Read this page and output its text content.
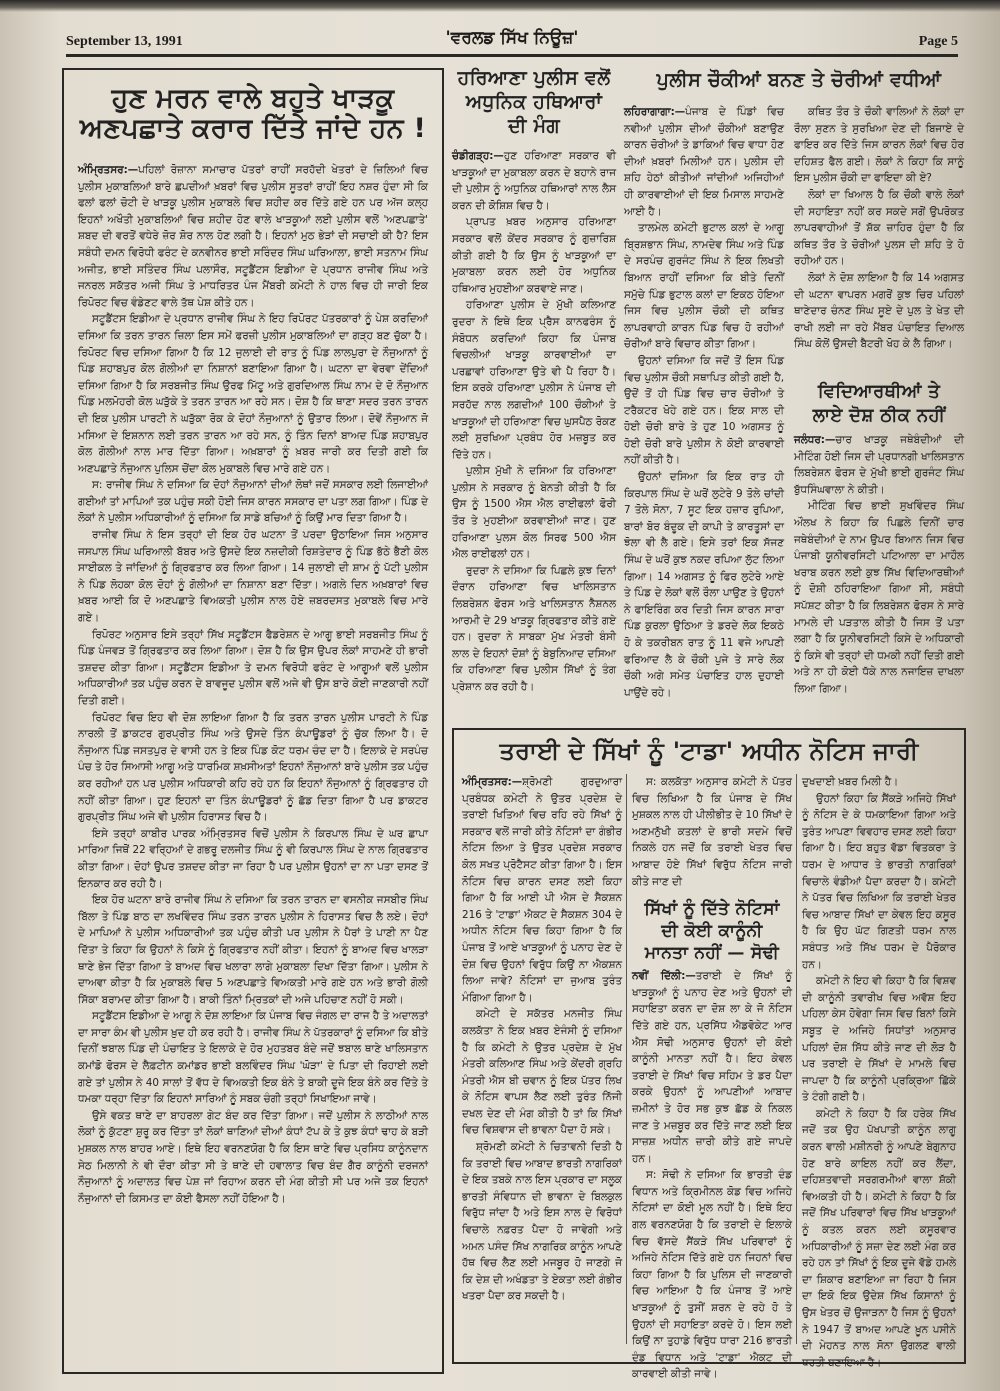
September 13, 1991	'ਵਰਲਡ ਸਿੱਖ ਨਿਊਜ਼'	Page 5
ਹੁਣ ਮਰਨ ਵਾਲੇ ਬਹੁਤੇ ਖਾੜਕੂ
ਅਣਪਛਾਤੇ ਕਰਾਰ ਦਿੱਤੇ ਜਾਂਦੇ ਹਨ !

ਅੰਮ੍ਰਿਤਸਰ:—ਪਹਿਲਾਂ ਰੋਜ਼ਾਨਾ ਸਮਾਚਾਰ ਪੱਤਰਾਂ ਰਾਹੀਂ ਸਰਹੱਦੀ ਖੇਤਰਾਂ ਦੇ ਜ਼ਿਲਿਆਂ ਵਿਚ ਪੁਲੀਸ ਮੁਕਾਬਲਿਆਂ ਬਾਰੇ ਛਪਦੀਆਂ ਖ਼ਬਰਾਂ ਵਿਚ ਪੁਲੀਸ ਸੂਤਰਾਂ ਰਾਹੀਂ ਇਹ ਨਸ਼ਰ ਹੁੰਦਾ ਸੀ ਕਿ ਫਲਾਂ ਫਲਾਂ ਚੋਟੀ ਦੇ ਖਾੜਕੂ ਪੁਲੀਸ ਮੁਕਾਬਲੇ ਵਿਚ ਸ਼ਹੀਦ ਕਰ ਦਿੱਤੇ ਗਏ ਹਨ ਪਰ ਅੱਜ ਕਲ੍ਹ ਇਹਨਾਂ ਅਖੌਤੀ ਮੁਕਾਬਲਿਆਂ ਵਿਚ ਸ਼ਹੀਦ ਹੋਣ ਵਾਲੇ ਖਾੜਕੂਆਂ ਲਈ ਪੁਲੀਸ ਵਲੋਂ 'ਅਣਪਛਾਤੇ' ਸ਼ਬਦ ਦੀ ਵਰਤੋਂ ਵਧੇਰੇ ਜ਼ੋਰ ਸ਼ੋਰ ਨਾਲ ਹੋਣ ਲਗੀ ਹੈ। ਇਹਨਾਂ ਮੁਠ ਭੇੜਾਂ ਦੀ ਸਚਾਈ ਕੀ ਹੈ? ਇਸ ਸਬੰਧੀ ਦਮਨ ਵਿਰੋਧੀ ਫਰੰਟ ਦੇ ਕਨਵੀਨਰ ਭਾਈ ਸਰਿੰਦਰ ਸਿੰਘ ਘਰਿਆਲਾ, ਭਾਈ ਸਤਨਾਮ ਸਿੰਘ ਅਜੀਤ, ਭਾਈ ਸਤਿੰਦਰ ਸਿੰਘ ਪਲਾਸੌਰ, ਸਟੂਡੈਂਟਸ ਇਡੀਆ ਦੇ ਪ੍ਰਧਾਨ ਰਾਜੀਵ ਸਿੰਘ ਅਤੇ ਜਨਰਲ ਸਕੱਤਰ ਅਜੀ ਸਿੰਘ ਤੇ ਮਾਧਰਿਤਰ ਪੰਜ ਮੈਂਬਰੀ ਕਮੇਟੀ ਨੇ ਹਾਲ ਵਿਚ ਹੀ ਜਾਰੀ ਇਕ ਰਿਪੋਰਟ ਵਿਚ ਵੰਡੇਣਟ ਵਾਲੇ ਤੱਥ ਪੇਸ਼ ਕੀਤੇ ਹਨ।

ਸਟੂਡੈਂਟਸ ਇਡੀਆ ਦੇ ਪ੍ਰਧਾਨ ਰਾਜੀਵ ਸਿੰਘ ਨੇ ਇਹ ਰਿਪੋਰਟ ਪੱਤਰਕਾਰਾਂ ਨੂੰ ਪੇਸ਼ ਕਰਦਿਆਂ ਦਸਿਆ ਕਿ ਤਰਨ ਤਾਰਨ ਜ਼ਿਲਾ ਇਸ ਸਮੇਂ ਫਰਜ਼ੀ ਪੁਲੀਸ ਮੁਕਾਬਲਿਆਂ ਦਾ ਗੜ੍ਹ ਬਣ ਚੁੱਕਾ ਹੈ। ਰਿਪੋਰਟ ਵਿਚ ਦਸਿਆ ਗਿਆ ਹੈ ਕਿ 12 ਜੁਲਾਈ ਦੀ ਰਾਤ ਨੂੰ ਪਿੰਡ ਲਾਲਪੁਰਾ ਦੇ ਨੌਜੁਆਨਾਂ ਨੂੰ ਪਿੰਡ ਸ਼ਹਾਬਪੁਰ ਕੋਲ ਗੋਲੀਆਂ ਦਾ ਨਿਸ਼ਾਨਾਂ ਬਣਾਇਆ ਗਿਆ ਹੈ। ਘਟਨਾ ਦਾ ਵੇਰਵਾ ਦੇਂਦਿਆਂ ਦਸਿਆ ਗਿਆ ਹੈ ਕਿ ਸਰਬਜੀਤ ਸਿੰਘ ਉਰਫ ਮਿੱਟੂ ਅਤੇ ਗੁਰਦਿਆਲ ਸਿੰਘ ਨਾਮ ਦੇ ਦੋ ਨੌਜੁਆਨ ਪਿੰਡ ਮਲਮੋਹਰੀ ਕੋਲ ਘੜੁੱਕੇ ਤੇ ਤਰਨ ਤਾਰਨ ਆ ਰਹੇ ਸਨ। ਦੋਸ਼ ਹੈ ਕਿ ਥਾਣਾ ਸਦਰ ਤਰਨ ਤਾਰਨ ਦੀ ਇਕ ਪੁਲੀਸ ਪਾਰਟੀ ਨੇ ਘੜੁੱਕਾ ਰੋਕ ਕੇ ਦੋਹਾਂ ਨੌਜੁਆਨਾਂ ਨੂੰ ਉਤਾਰ ਲਿਆ। ਦੋਵੇਂ ਨੌਜੁਆਨ ਜੋ ਮਸਿਆ ਦੇ ਇਸ਼ਨਾਨ ਲਈ ਤਰਨ ਤਾਰਨ ਆ ਰਹੇ ਸਨ, ਨੂੰ ਤਿੰਨ ਦਿਨਾਂ ਬਾਅਦ ਪਿੰਡ ਸ਼ਹਾਬਪੁਰ ਕੋਲ ਗੋਲੀਆਂ ਨਾਲ ਮਾਰ ਦਿੱਤਾ ਗਿਆ। ਅਖ਼ਬਾਰਾਂ ਨੂੰ ਖ਼ਬਰ ਜਾਰੀ ਕਰ ਦਿਤੀ ਗਈ ਕਿ ਅਣਪਛਾਤੇ ਨੌਜੁਆਨ ਪੁਲਿਸ ਚੋਂਦਾ ਕੋਲ ਮੁਕਾਬਲੇ ਵਿਚ ਮਾਰੇ ਗਏ ਹਨ।

ਸ: ਰਾਜੀਵ ਸਿੰਘ ਨੇ ਦਸਿਆ ਕਿ ਦੋਹਾਂ ਨੌਜੁਆਨਾਂ ਦੀਆਂ ਲੋਥਾਂ ਜਦੋਂ ਸਸਕਾਰ ਲਈ ਲਿਜਾਈਆਂ ਗਈਆਂ ਤਾਂ ਮਾਪਿਆਂ ਤਕ ਪਹੁੰਚ ਸਕੀ ਹੋਈ ਜਿਸ ਕਾਰਨ ਸਸਕਾਰ ਦਾ ਪਤਾ ਲਗ ਗਿਆ। ਪਿੰਡ ਦੇ ਲੋਕਾਂ ਨੇ ਪੁਲੀਸ ਅਧਿਕਾਰੀਆਂ ਨੂੰ ਦਸਿਆ ਕਿ ਸਾਡੇ ਬਚਿਆਂ ਨੂੰ ਕਿਉਂ ਮਾਰ ਦਿਤਾ ਗਿਆ ਹੈ।

ਰਾਜੀਵ ਸਿੰਘ ਨੇ ਇਸ ਤਰ੍ਹਾਂ ਦੀ ਇਕ ਹੋਰ ਘਟਨਾ ਤੋਂ ਪਰਦਾ ਉਠਾਇਆ ਜਿਸ ਅਨੁਸਾਰ ਜਸਪਾਲ ਸਿੰਘ ਘਰਿਆਲੀ ਬੱਬਰ ਅਤੇ ਉਸਦੇ ਇਕ ਨਜ਼ਦੀਕੀ ਰਿਸ਼ਤੇਦਾਰ ਨੂੰ ਪਿੰਡ ਭੱਠੇ ਭੈਣੀ ਕੋਲ ਸਾਈਕਲ ਤੇ ਜਾਂਦਿਆਂ ਨੂੰ ਗ੍ਰਿਫਤਾਰ ਕਰ ਲਿਆ ਗਿਆ। 14 ਜੁਲਾਈ ਦੀ ਸ਼ਾਮ ਨੂੰ ਪੱਟੀ ਪੁਲੀਸ ਨੇ ਪਿੰਡ ਲੋਹਕਾ ਕੋਲ ਦੋਹਾਂ ਨੂੰ ਗੋਲੀਆਂ ਦਾ ਨਿਸ਼ਾਨਾ ਬਣਾ ਦਿੱਤਾ। ਅਗਲੇ ਦਿਨ ਅਖ਼ਬਾਰਾਂ ਵਿਚ ਖ਼ਬਰ ਆਈ ਕਿ ਦੋ ਅਣਪਛਾਤੇ ਵਿਅਕਤੀ ਪੁਲੀਸ ਨਾਲ ਹੋਏ ਜ਼ਬਰਦਸਤ ਮੁਕਾਬਲੇ ਵਿਚ ਮਾਰੇ ਗਏ।

ਰਿਪੋਰਟ ਅਨੁਸਾਰ ਇਸੇ ਤਰ੍ਹਾਂ ਸਿੱਖ ਸਟੂਡੈਂਟਸ ਫੈਡਰੇਸ਼ਨ ਦੇ ਆਗੂ ਭਾਈ ਸਰਬਜੀਤ ਸਿੰਘ ਨੂੰ ਪਿੰਡ ਪੰਜਵੜ ਤੋਂ ਗ੍ਰਿਫਤਾਰ ਕਰ ਲਿਆ ਗਿਆ। ਦੋਸ਼ ਹੈ ਕਿ ਉਸ ਉਪਰ ਲੋਕਾਂ ਸਾਹਮਣੇ ਹੀ ਭਾਰੀ ਤਸ਼ਦਦ ਕੀਤਾ ਗਿਆ। ਸਟੂਡੈਂਟਸ ਇਡੀਆ ਤੇ ਦਮਨ ਵਿਰੋਧੀ ਫਰੰਟ ਦੇ ਆਗੂਆਂ ਵਲੋਂ ਪੁਲੀਸ ਅਧਿਕਾਰੀਆਂ ਤਕ ਪਹੁੰਚ ਕਰਨ ਦੇ ਬਾਵਜੂਦ ਪੁਲੀਸ ਵਲੋਂ ਅਜੇ ਵੀ ਉਸ ਬਾਰੇ ਕੋਈ ਜਾਣਕਾਰੀ ਨਹੀਂ ਦਿਤੀ ਗਈ।

ਰਿਪੋਰਟ ਵਿਚ ਇਹ ਵੀ ਦੋਸ਼ ਲਾਇਆ ਗਿਆ ਹੈ ਕਿ ਤਰਨ ਤਾਰਨ ਪੁਲੀਸ ਪਾਰਟੀ ਨੇ ਪਿੰਡ ਨਾਰਲੀ ਤੋਂ ਡਾਕਟਰ ਗੁਰਪ੍ਰੀਤ ਸਿੰਘ ਅਤੇ ਉਸਦੇ ਤਿੰਨ ਕੰਪਾਊਡਰਾਂ ਨੂੰ ਚੁੱਕ ਲਿਆ ਹੈ। ਦੋ ਨੌਜੁਆਨ ਪਿੰਡ ਜਸਤਪੁਰ ਦੇ ਵਾਸੀ ਹਨ ਤੇ ਇਕ ਪਿੰਡ ਕੋਟ ਧਰਮ ਚੰਦ ਦਾ ਹੈ। ਇਲਾਕੇ ਦੇ ਸਰਪੰਚ ਪੰਚ ਤੇ ਹੋਰ ਸਿਆਸੀ ਆਗੂ ਅਤੇ ਧਾਰਮਿਕ ਸ਼ਖ਼ਸੀਅਤਾਂ ਇਹਨਾਂ ਨੌਜੁਆਨਾਂ ਬਾਰੇ ਪੁਲੀਸ ਤਕ ਪਹੁੰਚ ਕਰ ਰਹੀਆਂ ਹਨ ਪਰ ਪੁਲੀਸ ਅਧਿਕਾਰੀ ਕਹਿ ਰਹੇ ਹਨ ਕਿ ਇਹਨਾਂ ਨੌਜੁਆਨਾਂ ਨੂੰ ਗ੍ਰਿਫਤਾਰ ਹੀ ਨਹੀਂ ਕੀਤਾ ਗਿਆ। ਹੁਣ ਇਹਨਾਂ ਦਾ ਤਿੰਨ ਕੰਪਾਊਡਰਾਂ ਨੂੰ ਛੱਡ ਦਿਤਾ ਗਿਆ ਹੈ ਪਰ ਡਾਕਟਰ ਗੁਰਪ੍ਰੀਤ ਸਿੰਘ ਅਜੇ ਵੀ ਪੁਲੀਸ ਹਿਰਾਸਤ ਵਿਚ ਹੈ।

ਇਸੇ ਤਰ੍ਹਾਂ ਕਾਬੀਰ ਪਾਰਕ ਅੰਮ੍ਰਿਤਸਰ ਵਿਚੋਂ ਪੁਲੀਸ ਨੇ ਕਿਰਪਾਲ ਸਿੰਘ ਦੇ ਘਰ ਛਾਪਾ ਮਾਰਿਆ ਜਿਥੋਂ 22 ਵਰ੍ਹਿਆਂ ਦੇ ਗਭਰੂ ਦਲਜੀਤ ਸਿੰਘ ਨੂੰ ਵੀ ਕਿਰਪਾਲ ਸਿੰਘ ਦੇ ਨਾਲ ਗ੍ਰਿਫਤਾਰ ਕੀਤਾ ਗਿਆ। ਦੋਹਾਂ ਉਪਰ ਤਸ਼ਦਦ ਕੀਤਾ ਜਾ ਰਿਹਾ ਹੈ ਪਰ ਪੁਲੀਸ ਉਹਨਾਂ ਦਾ ਨਾ ਪਤਾ ਦਸਣ ਤੋਂ ਇਨਕਾਰ ਕਰ ਰਹੀ ਹੈ।

ਇਕ ਹੋਰ ਘਟਨਾ ਬਾਰੇ ਰਾਜੀਵ ਸਿੰਘ ਨੇ ਦਸਿਆ ਕਿ ਤਰਨ ਤਾਰਨ ਦਾ ਵਸਨੀਕ ਜਸਬੀਰ ਸਿੰਘ ਬਿੱਲਾ ਤੇ ਪਿੰਡ ਬਾਠ ਦਾ ਲਖਵਿੰਦਰ ਸਿੰਘ ਤਰਨ ਤਾਰਨ ਪੁਲੀਸ ਨੇ ਹਿਰਾਸਤ ਵਿਚ ਲੈ ਲਏ। ਦੋਹਾਂ ਦੇ ਮਾਪਿਆਂ ਨੇ ਪੁਲੀਸ ਅਧਿਕਾਰੀਆਂ ਤਕ ਪਹੁੰਚ ਕੀਤੀ ਪਰ ਪੁਲੀਸ ਨੇ ਪੈਰਾਂ ਤੇ ਪਾਣੀ ਨਾ ਪੈਣ ਦਿੱਤਾ ਤੇ ਕਿਹਾ ਕਿ ਉਹਨਾਂ ਨੇ ਕਿਸੇ ਨੂੰ ਗ੍ਰਿਫਤਾਰ ਨਹੀਂ ਕੀਤਾ। ਇਹਨਾਂ ਨੂੰ ਬਾਅਦ ਵਿਚ ਖਾਲੜਾ ਥਾਣੇ ਭੇਜ ਦਿੱਤਾ ਗਿਆ ਤੇ ਬਾਅਦ ਵਿਚ ਖਲਾਰਾ ਲਾਗੇ ਮੁਕਾਬਲਾ ਦਿਖਾ ਦਿੱਤਾ ਗਿਆ। ਪੁਲੀਸ ਨੇ ਦਾਅਵਾ ਕੀਤਾ ਹੈ ਕਿ ਮੁਕਾਬਲੇ ਵਿਚ 5 ਅਣਪਛਾਤੇ ਵਿਅਕਤੀ ਮਾਰੇ ਗਏ ਹਨ ਅਤੇ ਭਾਰੀ ਗੋਲੀ ਸਿੱਕਾ ਬਰਾਮਦ ਕੀਤਾ ਗਿਆ ਹੈ। ਬਾਕੀ ਤਿੰਨਾਂ ਮ੍ਰਿਤਕਾਂ ਦੀ ਅਜੇ ਪਹਿਚਾਣ ਨਹੀਂ ਹੋ ਸਕੀ।

ਸਟੂਡੈਂਟਸ ਇਡੀਆ ਦੇ ਆਗੂ ਨੇ ਦੋਸ਼ ਲਾਇਆ ਕਿ ਪੰਜਾਬ ਵਿਚ ਜੰਗਲ ਦਾ ਰਾਜ ਹੈ ਤੇ ਅਦਾਲਤਾਂ ਦਾ ਸਾਰਾ ਕੰਮ ਵੀ ਪੁਲੀਸ ਖ਼ੁਦ ਹੀ ਕਰ ਰਹੀ ਹੈ। ਰਾਜੀਵ ਸਿੰਘ ਨੇ ਪੱਤਰਕਾਰਾਂ ਨੂੰ ਦਸਿਆ ਕਿ ਬੀਤੇ ਦਿਨੀਂ ਝਬਾਲ ਪਿੰਡ ਦੀ ਪੰਚਾਇਤ ਤੇ ਇਲਾਕੇ ਦੇ ਹੋਰ ਮੁਹਤਬਰ ਬੰਦੇ ਜਦੋਂ ਝਬਾਲ ਥਾਣੇ ਖਾਲਿਸਤਾਨ ਕਮਾਂਡੋ ਫੋਰਸ ਦੇ ਲੈਫ਼ਟੀਨ ਕਮਾਂਡਰ ਭਾਈ ਬਲਵਿੰਦਰ ਸਿੰਘ 'ਘੋੜਾ' ਦੇ ਪਿਤਾ ਦੀ ਰਿਹਾਈ ਲਈ ਗਏ ਤਾਂ ਪੁਲੀਸ ਨੇ 40 ਸਾਲਾਂ ਤੋਂ ਵੱਧ ਦੇ ਵਿਅਕਤੀ ਇਕ ਬੰਨੇ ਤੇ ਬਾਕੀ ਦੂਜੇ ਇਕ ਬੰਨੇ ਕਰ ਦਿੱਤੇ ਤੇ ਧਮਕਾ ਧਰ੍ਹਾ ਦਿੱਤਾ ਕਿ ਇਹਨਾਂ ਸਾਰਿਆਂ ਨੂੰ ਸਬਕ ਚੰਗੀ ਤਰ੍ਹਾਂ ਸਿਖਾਇਆ ਜਾਵੇ।

ਉਸੇ ਵਕਤ ਥਾਣੇ ਦਾ ਬਾਹਰਲਾ ਗੇਟ ਬੰਦ ਕਰ ਦਿੱਤਾ ਗਿਆ। ਜਦੋਂ ਪੁਲੀਸ ਨੇ ਲਾਠੀਆਂ ਨਾਲ ਲੋਕਾਂ ਨੂੰ ਕੁੱਟਣਾ ਸ਼ੁਰੂ ਕਰ ਦਿੱਤਾ ਤਾਂ ਲੋਕਾਂ ਥਾਣਿਆਂ ਦੀਆਂ ਕੰਧਾਂ ਟੱਪ ਕੇ ਤੇ ਕੁਝ ਕੰਧਾਂ ਢਾਹ ਕੇ ਬੜੀ ਮੁਸ਼ਕਲ ਨਾਲ ਬਾਹਰ ਆਏ। ਇਥੇ ਇਹ ਵਰਨਣਯੋਗ ਹੈ ਕਿ ਇਸ ਥਾਣੇ ਵਿਚ ਪ੍ਰਸਿਧ ਕਾਨੂੰਨਦਾਨ ਸੇਠ ਮਿਲਾਨੀ ਨੇ ਵੀ ਦੌਰਾ ਕੀਤਾ ਸੀ ਤੇ ਥਾਣੇ ਦੀ ਹਵਾਲਾਤ ਵਿਚ ਬੰਦ ਗੈਰ ਕਾਨੂੰਨੀ ਦਰਜਨਾਂ ਨੌਜੁਆਨਾਂ ਨੂੰ ਅਦਾਲਤ ਵਿਚ ਪੇਸ਼ ਜਾਂ ਰਿਹਾਅ ਕਰਨ ਦੀ ਮੰਗ ਕੀਤੀ ਸੀ ਪਰ ਅਜੇ ਤਕ ਇਹਨਾਂ ਨੌਜੁਆਨਾਂ ਦੀ ਕਿਸਮਤ ਦਾ ਕੋਈ ਫੈਸਲਾ ਨਹੀਂ ਹੋਇਆ ਹੈ।

ਹਰਿਆਣਾ ਪੁਲੀਸ ਵਲੋਂ
ਅਧੁਨਿਕ ਹਥਿਆਰਾਂ
ਦੀ ਮੰਗ

ਚੰਡੀਗੜ੍ਹ:—ਹੁਣ ਹਰਿਆਣਾ ਸਰਕਾਰ ਵੀ ਖਾੜਕੂਆਂ ਦਾ ਮੁਕਾਬਲਾ ਕਰਨ ਦੇ ਬਹਾਨੇ ਰਾਜ ਦੀ ਪੁਲੀਸ ਨੂੰ ਅਧੁਨਿਕ ਹਥਿਆਰਾਂ ਨਾਲ ਲੈਸ ਕਰਨ ਦੀ ਕੋਸ਼ਿਸ਼ ਵਿਚ ਹੈ।

ਪ੍ਰਾਪਤ ਖ਼ਬਰ ਅਨੁਸਾਰ ਹਰਿਆਣਾ ਸਰਕਾਰ ਵਲੋਂ ਕੇਂਦਰ ਸਰਕਾਰ ਨੂੰ ਗੁਜ਼ਾਰਿਸ਼ ਕੀਤੀ ਗਈ ਹੈ ਕਿ ਉਸ ਨੂੰ ਖਾੜਕੂਆਂ ਦਾ ਮੁਕਾਬਲਾ ਕਰਨ ਲਈ ਹੋਰ ਅਧੁਨਿਕ ਹਥਿਆਰ ਮੁਹਈਆ ਕਰਵਾਏ ਜਾਣ।

ਹਰਿਆਣਾ ਪੁਲੀਸ ਦੇ ਮੁੱਖੀ ਕਲਿਆਣ ਰੁਦਰਾ ਨੇ ਇਥੇ ਇਕ ਪ੍ਰੈਸ ਕਾਨਫਰੰਸ ਨੂੰ ਸੰਬੋਧਨ ਕਰਦਿਆਂ ਕਿਹਾ ਕਿ ਪੰਜਾਬ ਵਿਚਲੀਆਂ ਖਾੜਕੂ ਕਾਰਵਾਈਆਂ ਦਾ ਪਰਛਾਵਾਂ ਹਰਿਆਣਾ ਉਤੇ ਵੀ ਪੈ ਰਿਹਾ ਹੈ। ਇਸ ਕਰਕੇ ਹਰਿਆਣਾ ਪੁਲੀਸ ਨੇ ਪੰਜਾਬ ਦੀ ਸਰਹੱਦ ਨਾਲ ਲਗਦੀਆਂ 100 ਚੌਕੀਆਂ ਤੇ ਖਾੜਕੂਆਂ ਦੀ ਹਰਿਆਣਾ ਵਿਚ ਘੁਸਪੈਠ ਰੋਕਣ ਲਈ ਸੁਰਖਿਆ ਪ੍ਰਬੰਧ ਹੋਰ ਮਜ਼ਬੂਤ ਕਰ ਦਿੱਤੇ ਹਨ।

ਪੁਲੀਸ ਮੁੱਖੀ ਨੇ ਦਸਿਆ ਕਿ ਹਰਿਆਣਾ ਪੁਲੀਸ ਨੇ ਸਰਕਾਰ ਨੂੰ ਬੇਨਤੀ ਕੀਤੀ ਹੈ ਕਿ ਉਸ ਨੂੰ 1500 ਐਸ ਐਲ ਰਾਈਫਲਾਂ ਫੋਰੀ ਤੌਰ ਤੇ ਮੁਹਈਆ ਕਰਵਾਈਆਂ ਜਾਣ। ਹੁਣ ਹਰਿਆਣਾ ਪੁਲਸ ਕੋਲ ਸਿਰਫ 500 ਐਸ ਐਲ ਰਾਈਫਲਾਂ ਹਨ।

ਰੁਦਰਾ ਨੇ ਦਸਿਆ ਕਿ ਪਿਛਲੇ ਕੁਝ ਦਿਨਾਂ ਦੌਰਾਨ ਹਰਿਆਣਾ ਵਿਚ ਖਾਲਿਸਤਾਨ ਲਿਬਰੇਸ਼ਨ ਫੋਰਸ ਅਤੇ ਖਾਲਿਸਤਾਨ ਨੈਸ਼ਨਲ ਆਰਮੀ ਦੇ 29 ਖਾੜਕੂ ਗ੍ਰਿਫਤਾਰ ਕੀਤੇ ਗਏ ਹਨ। ਰੁਦਰਾ ਨੇ ਸਾਬਕਾ ਮੁੱਖ ਮੰਤਰੀ ਬੰਸੀ ਲਾਲ ਦੇ ਇਹਨਾਂ ਦੋਸ਼ਾਂ ਨੂੰ ਬੇਬੁਨਿਆਦ ਦਸਿਆ ਕਿ ਹਰਿਆਣਾ ਵਿਚ ਪੁਲੀਸ ਸਿੱਖਾਂ ਨੂੰ ਤੰਗ ਪ੍ਰੇਸ਼ਾਨ ਕਰ ਰਹੀ ਹੈ।

ਪੁਲੀਸ ਚੌਕੀਆਂ ਬਨਣ ਤੇ ਚੋਰੀਆਂ ਵਧੀਆਂ

ਲਹਿਰਾਗਾਗਾ:—ਪੰਜਾਬ ਦੇ ਪਿੰਡਾਂ ਵਿਚ ਨਵੀਆਂ ਪੁਲੀਸ ਦੀਆਂ ਚੌਕੀਆਂ ਬਣਾਉਣ ਕਾਰਨ ਚੋਰੀਆਂ ਤੇ ਡਾਕਿਆਂ ਵਿਚ ਵਾਧਾ ਹੋਣ ਦੀਆਂ ਖ਼ਬਰਾਂ ਮਿਲੀਆਂ ਹਨ। ਪੁਲੀਸ ਦੀ ਸ਼ਹਿ ਹੇਠਾਂ ਕੀਤੀਆਂ ਜਾਂਦੀਆਂ ਅਜਿਹੀਆਂ ਹੀ ਕਾਰਵਾਈਆਂ ਦੀ ਇਕ ਮਿਸਾਲ ਸਾਹਮਣੇ ਆਈ ਹੈ।

ਤਾਲਮੇਲ ਕਮੇਟੀ ਭੁਟਾਲ ਕਲਾਂ ਦੇ ਆਗੂ ਬ੍ਰਿਸ਼ਭਾਨ ਸਿੰਘ, ਨਾਮਦੇਵ ਸਿੰਘ ਅਤੇ ਪਿੰਡ ਦੇ ਸਰਪੰਚ ਗੁਰਜੰਟ ਸਿੰਘ ਨੇ ਇਕ ਲਿਖਤੀ ਬਿਆਨ ਰਾਹੀਂ ਦਸਿਆ ਕਿ ਬੀਤੇ ਦਿਨੀਂ ਸਮੁੱਚੇ ਪਿੰਡ ਭੁਟਾਲ ਕਲਾਂ ਦਾ ਇਕਠ ਹੋਇਆ ਜਿਸ ਵਿਚ ਪੁਲੀਸ ਚੌਕੀ ਦੀ ਕਥਿਤ ਲਾਪਰਵਾਹੀ ਕਾਰਨ ਪਿੰਡ ਵਿਚ ਹੋ ਰਹੀਆਂ ਚੋਰੀਆਂ ਬਾਰੇ ਵਿਚਾਰ ਕੀਤਾ ਗਿਆ।

ਉਹਨਾਂ ਦਸਿਆ ਕਿ ਜਦੋਂ ਤੋਂ ਇਸ ਪਿੰਡ ਵਿਚ ਪੁਲੀਸ ਚੌਕੀ ਸਥਾਪਿਤ ਕੀਤੀ ਗਈ ਹੈ, ਉਦੋਂ ਤੋਂ ਹੀ ਪਿੰਡ ਵਿਚ ਚਾਰ ਚੋਰੀਆਂ ਤੇ ਟਰੈਕਟਰ ਖੋਹੇ ਗਏ ਹਨ। ਇਕ ਸਾਲ ਦੀ ਹੋਈ ਚੋਰੀ ਬਾਰੇ ਤੇ ਹੁਣ 10 ਅਗਸਤ ਨੂੰ ਹੋਈ ਚੋਰੀ ਬਾਰੇ ਪੁਲੀਸ ਨੇ ਕੋਈ ਕਾਰਵਾਈ ਨਹੀਂ ਕੀਤੀ ਹੈ।

ਉਹਨਾਂ ਦਸਿਆ ਕਿ ਇਕ ਰਾਤ ਹੀ ਕਿਰਪਾਲ ਸਿੰਘ ਦੇ ਘਰੋਂ ਲੁਟੇਰੇ 9 ਤੋਲੇ ਚਾਂਦੀ 7 ਤੋਲੇ ਸੋਨਾ, 7 ਸੂਟ ਇਕ ਹਜ਼ਾਰ ਰੁਪਿਆ, ਬਾਰਾਂ ਬੋਰ ਬੰਦੂਕ ਦੀ ਕਾਪੀ ਤੇ ਕਾਰਤੂਸਾਂ ਦਾ ਝੋਲਾ ਵੀ ਲੈ ਗਏ। ਇਸੇ ਤਰਾਂ ਇਕ ਸੱਜਣ ਸਿੰਘ ਦੇ ਘਰੋਂ ਕੁਝ ਨਕਦ ਰਪਿਆ ਲੁੱਟ ਲਿਆ ਗਿਆ। 14 ਅਗਸਤ ਨੂੰ ਫਿਰ ਲੁਟੇਰੇ ਆਏ ਤੇ ਪਿੰਡ ਦੇ ਲੋਕਾਂ ਵਲੋਂ ਰੌਲਾ ਪਾਉਣ ਤੇ ਉਹਨਾਂ ਨੇ ਫਾਇਰਿੰਗ ਕਰ ਦਿਤੀ ਜਿਸ ਕਾਰਨ ਸਾਰਾ ਪਿੰਡ ਕੁਰਲਾ ਉਠਿਆ ਤੇ ਡਰਦੇ ਲੋਕ ਇਕਠੇ ਹੋ ਕੇ ਤਕਰੀਬਨ ਰਾਤ ਨੂੰ 11 ਵਜੇ ਆਪਣੀ ਫਰਿਆਦ ਲੈ ਕੇ ਚੌਕੀ ਪੁਜੇ ਤੇ ਸਾਰੇ ਲੋਕ ਚੌਕੀ ਅਗੇ ਸਮੇਤ ਪੰਚਾਇਤ ਹਾਲ ਦੁਹਾਈ ਪਾਉਂਦੇ ਰਹੇ।

ਕਥਿਤ ਤੌਰ ਤੇ ਚੌਕੀ ਵਾਲਿਆਂ ਨੇ ਲੋਕਾਂ ਦਾ ਰੌਲਾ ਸੁਣਨ ਤੇ ਸੁਰਖਿਆ ਦੇਣ ਦੀ ਬਿਜਾਏ ਦੇ ਫਾਇਰ ਕਰ ਦਿੱਤੇ ਜਿਸ ਕਾਰਨ ਲੋਕਾਂ ਵਿਚ ਹੋਰ ਦਹਿਸ਼ਤ ਫੈਲ ਗਈ। ਲੋਕਾਂ ਨੇ ਕਿਹਾ ਕਿ ਸਾਨੂੰ ਇਸ ਪੁਲੀਸ ਚੌਕੀ ਦਾ ਫਾਇਦਾ ਕੀ ਏ?

ਲੋਕਾਂ ਦਾ ਖਿਆਲ ਹੈ ਕਿ ਚੌਕੀ ਵਾਲੇ ਲੋਕਾਂ ਦੀ ਸਹਾਇਤਾ ਨਹੀਂ ਕਰ ਸਕਦੇ ਸਗੋਂ ਉਪਰੋਕਤ ਲਾਪਰਵਾਹੀਆਂ ਤੋਂ ਸ਼ੱਕ ਜ਼ਾਹਿਰ ਹੁੰਦਾ ਹੈ ਕਿ ਕਥਿਤ ਤੌਰ ਤੇ ਚੋਰੀਆਂ ਪੁਲਸ ਦੀ ਸ਼ਹਿ ਤੇ ਹੋ ਰਹੀਆਂ ਹਨ।

ਲੋਕਾਂ ਨੇ ਦੋਸ਼ ਲਾਇਆ ਹੈ ਕਿ 14 ਅਗਸਤ ਦੀ ਘਟਨਾ ਵਾਪਰਨ ਮਗਰੋਂ ਕੁਝ ਚਿਰ ਪਹਿਲਾਂ ਥਾਣੇਦਾਰ ਚੰਨਣ ਸਿੰਘ ਸੂਏ ਦੇ ਪੁਲ ਤੇ ਖੇਤ ਦੀ ਰਾਖੀ ਲਈ ਜਾ ਰਹੇ ਮੈਂਬਰ ਪੰਚਾਇਤ ਦਿਆਲ ਸਿੰਘ ਕੋਲੋਂ ਉਸਦੀ ਬੈਟਰੀ ਖੋਹ ਕੇ ਲੈ ਗਿਆ।

ਵਿਦਿਆਰਥੀਆਂ ਤੇ
ਲਾਏ ਦੋਸ਼ ਠੀਕ ਨਹੀਂ

ਜਲੰਧਰ:—ਚਾਰ ਖਾੜਕੂ ਜਥੇਬੰਦੀਆਂ ਦੀ ਮੀਟਿੰਗ ਹੋਈ ਜਿਸ ਦੀ ਪ੍ਰਧਾਨਗੀ ਖਾਲਿਸਤਾਨ ਲਿਬਰੇਸ਼ਨ ਫੋਰਸ ਦੇ ਮੁੱਖੀ ਭਾਈ ਗੁਰਜੰਟ ਸਿੰਘ ਬੁੱਧਸਿੰਘਵਾਲਾ ਨੇ ਕੀਤੀ।

ਮੀਟਿੰਗ ਵਿਚ ਭਾਈ ਸੁਖਵਿੰਦਰ ਸਿੰਘ ਔਲਖ ਨੇ ਕਿਹਾ ਕਿ ਪਿਛਲੇ ਦਿਨੀਂ ਚਾਰ ਜਥੇਬੰਦੀਆਂ ਦੇ ਨਾਮ ਉਪਰ ਬਿਆਨ ਜਿਸ ਵਿਚ ਪੰਜਾਬੀ ਯੂਨੀਵਰਸਿਟੀ ਪਟਿਆਲਾ ਦਾ ਮਾਹੌਲ ਖਰਾਬ ਕਰਨ ਲਈ ਕੁਝ ਸਿੱਖ ਵਿਦਿਆਰਥੀਆਂ ਨੂੰ ਦੋਸ਼ੀ ਠਹਿਰਾਇਆ ਗਿਆ ਸੀ, ਸਬੰਧੀ ਸਪੱਸ਼ਟ ਕੀਤਾ ਹੈ ਕਿ ਲਿਬਰੇਸ਼ਨ ਫੋਰਸ ਨੇ ਸਾਰੇ ਮਾਮਲੇ ਦੀ ਪੜਤਾਲ ਕੀਤੀ ਹੈ ਜਿਸ ਤੋਂ ਪਤਾ ਲਗਾ ਹੈ ਕਿ ਯੂਨੀਵਰਸਿਟੀ ਕਿਸੇ ਦੇ ਅਧਿਕਾਰੀ ਨੂੰ ਕਿਸੇ ਵੀ ਤਰ੍ਹਾਂ ਦੀ ਧਮਕੀ ਨਹੀਂ ਦਿਤੀ ਗਈ ਅਤੇ ਨਾ ਹੀ ਕੋਈ ਧੱਕੇ ਨਾਲ ਨਜਾਇਜ਼ ਦਾਖਲਾ ਲਿਆ ਗਿਆ।

ਤਰਾਈ ਦੇ ਸਿੱਖਾਂ ਨੂੰ 'ਟਾਡਾ' ਅਧੀਨ ਨੋਟਿਸ ਜਾਰੀ

ਅੰਮ੍ਰਿਤਸਰ:—ਸ਼੍ਰੋਮਣੀ ਗੁਰਦੁਆਰਾ ਪ੍ਰਬੰਧਕ ਕਮੇਟੀ ਨੇ ਉਤਰ ਪ੍ਰਦੇਸ਼ ਦੇ ਤਰਾਈ ਖਿਤਿਆਂ ਵਿਚ ਰਹਿ ਰਹੇ ਸਿੱਖਾਂ ਨੂੰ ਸਰਕਾਰ ਵਲੋਂ ਜਾਰੀ ਕੀਤੇ ਨੋਟਿਸਾਂ ਦਾ ਗੰਭੀਰ ਨੋਟਿਸ ਲਿਆ ਤੇ ਉਤਰ ਪ੍ਰਦੇਸ਼ ਸਰਕਾਰ ਕੋਲ ਸਖਤ ਪ੍ਰੋਟੈਸਟ ਕੀਤਾ ਗਿਆ ਹੈ। ਇਸ ਨੋਟਿਸ ਵਿਚ ਕਾਰਨ ਦਸਣ ਲਈ ਕਿਹਾ ਗਿਆ ਹੈ ਕਿ ਆਈ ਪੀ ਐਸ ਦੇ ਸੈਕਸ਼ਨ 216 ਤੇ 'ਟਾਡਾ' ਐਕਟ ਦੇ ਸੈਕਸ਼ਨ 304 ਦੇ ਅਧੀਨ ਨੋਟਿਸ ਵਿਚ ਕਿਹਾ ਗਿਆ ਹੈ ਕਿ ਪੰਜਾਬ ਤੋਂ ਆਏ ਖਾੜਕੂਆਂ ਨੂੰ ਪਨਾਹ ਦੇਣ ਦੇ ਦੋਸ਼ ਵਿਚ ਉਹਨਾਂ ਵਿਰੁੱਧ ਕਿਉਂ ਨਾ ਐਕਸ਼ਨ ਲਿਆ ਜਾਵੇ? ਨੋਟਿਸਾਂ ਦਾ ਜੁਆਬ ਤੁਰੰਤ ਮੰਗਿਆ ਗਿਆ ਹੈ।

ਕਮੇਟੀ ਦੇ ਸਕੱਤਰ ਮਨਜੀਤ ਸਿੰਘ ਕਲਕੱਤਾ ਨੇ ਇਕ ਖ਼ਬਰ ਏਜੰਸੀ ਨੂੰ ਦਸਿਆ ਹੈ ਕਿ ਕਮੇਟੀ ਨੇ ਉਤਰ ਪ੍ਰਦੇਸ਼ ਦੇ ਮੁੱਖ ਮੰਤਰੀ ਕਲਿਆਣ ਸਿੰਘ ਅਤੇ ਕੇਂਦਰੀ ਗ੍ਰਹਿ ਮੰਤਰੀ ਐਸ ਬੀ ਚਵਾਨ ਨੂੰ ਇਕ ਪੱਤਰ ਲਿਖ ਕੇ ਨੋਟਿਸ ਵਾਪਸ ਲੈਣ ਲਈ ਤੁਰੰਤ ਨਿੱਜੀ ਦਖਲ ਦੇਣ ਦੀ ਮੰਗ ਕੀਤੀ ਹੈ ਤਾਂ ਕਿ ਸਿੱਖਾਂ ਵਿਚ ਵਿਸ਼ਵਾਸ ਦੀ ਭਾਵਨਾ ਪੈਦਾ ਹੋ ਸਕੇ।

ਸ਼੍ਰੋਮਣੀ ਕਮੇਟੀ ਨੇ ਚਿਤਾਵਨੀ ਦਿਤੀ ਹੈ ਕਿ ਤਰਾਈ ਵਿਚ ਆਬਾਦ ਭਾਰਤੀ ਨਾਗਰਿਕਾਂ ਦੇ ਇਕ ਤਬਕੇ ਨਾਲ ਇਸ ਪ੍ਰਕਾਰ ਦਾ ਸਲੂਕ ਭਾਰਤੀ ਸੰਵਿਧਾਨ ਦੀ ਭਾਵਨਾ ਦੇ ਬਿਲਕੁਲ ਵਿਰੁੱਧ ਜਾਂਦਾ ਹੈ ਅਤੇ ਇਸ ਨਾਲ ਦੇ ਵਿਰੋਧਾਂ ਵਿਚਾਲੇ ਨਫ਼ਰਤ ਪੈਦਾ ਹੋ ਜਾਵੇਗੀ ਅਤੇ ਅਮਨ ਪਸੰਦ ਸਿੱਖ ਨਾਗਰਿਕ ਕਾਨੂੰਨ ਆਪਣੇ ਹੱਥ ਵਿਚ ਲੈਣ ਲਈ ਮਜਬੂਰ ਹੋ ਜਾਣਗੇ ਜੋ ਕਿ ਦੇਸ਼ ਦੀ ਅਖੰਡਤਾ ਤੇ ਏਕਤਾ ਲਈ ਗੰਭੀਰ ਖਤਰਾ ਪੈਦਾ ਕਰ ਸਕਦੀ ਹੈ।

ਸ: ਕਲਕੱਤਾ ਅਨੁਸਾਰ ਕਮੇਟੀ ਨੇ ਪੱਤਰ ਵਿਚ ਲਿਖਿਆ ਹੈ ਕਿ ਪੰਜਾਬ ਦੇ ਸਿੱਖ ਮੁਸ਼ਕਲ ਨਾਲ ਹੀ ਪੀਲੀਭੀਤ ਦੇ 10 ਸਿੱਖਾਂ ਦੇ ਅਣਮਨੁੱਖੀ ਕਤਲਾਂ ਦੇ ਭਾਰੀ ਸਦਮੇ ਵਿਚੋਂ ਨਿਕਲੇ ਹਨ ਜਦੋਂ ਕਿ ਤਰਾਈ ਖੇਤਰ ਵਿਚ ਆਬਾਦ ਹੋਏ ਸਿੱਖਾਂ ਵਿਰੁੱਧ ਨੋਟਿਸ ਜਾਰੀ ਕੀਤੇ ਜਾਣ ਦੀ

ਸਿੱਖਾਂ ਨੂੰ ਦਿੱਤੇ ਨੋਟਿਸਾਂ
ਦੀ ਕੋਈ ਕਾਨੂੰਨੀ
ਮਾਨਤਾ ਨਹੀਂ — ਸੋਢੀ

ਨਵੀਂ ਦਿੱਲੀ:—ਤਰਾਈ ਦੇ ਸਿੱਖਾਂ ਨੂੰ ਖਾੜਕੂਆਂ ਨੂੰ ਪਨਾਹ ਦੇਣ ਅਤੇ ਉਹਨਾਂ ਦੀ ਸਹਾਇਤਾ ਕਰਨ ਦਾ ਦੋਸ਼ ਲਾ ਕੇ ਜੋ ਨੋਟਿਸ ਦਿੱਤੇ ਗਏ ਹਨ, ਪ੍ਰਸਿੱਧ ਐਡਵੋਕੇਟ ਆਰ ਐਸ ਸੋਢੀ ਅਨੁਸਾਰ ਉਹਨਾਂ ਦੀ ਕੋਈ ਕਾਨੂੰਨੀ ਮਾਨਤਾ ਨਹੀਂ ਹੈ। ਇਹ ਕੇਵਲ ਤਰਾਈ ਦੇ ਸਿੱਖਾਂ ਵਿਚ ਸਹਿਮ ਤੇ ਡਰ ਪੈਦਾ ਕਰਕੇ ਉਹਨਾਂ ਨੂੰ ਆਪਣੀਆਂ ਆਬਾਦ ਜ਼ਮੀਨਾਂ ਤੇ ਹੋਰ ਸਭ ਕੁਝ ਛੱਡ ਕੇ ਨਿਕਲ ਜਾਣ ਤੇ ਮਜ਼ਬੂਰ ਕਰ ਦਿੱਤੇ ਜਾਣ ਲਈ ਇਕ ਸਾਜ਼ਸ਼ ਅਧੀਨ ਜ਼ਾਰੀ ਕੀਤੇ ਗਏ ਜਾਪਦੇ ਹਨ।

ਸ: ਸੋਢੀ ਨੇ ਦਸਿਆ ਕਿ ਭਾਰਤੀ ਦੰਡ ਵਿਧਾਨ ਅਤੇ ਕ੍ਰਿਮੀਨਲ ਕੋਡ ਵਿਚ ਅਜਿਹੇ ਨੋਟਿਸਾਂ ਦਾ ਕੋਈ ਮੂਲ ਨਹੀਂ ਹੈ। ਇਥੇ ਇਹ ਗਲ ਵਰਨਣਯੋਗ ਹੈ ਕਿ ਤਰਾਈ ਦੇ ਇਲਾਕੇ ਵਿਚ ਵੱਸਦੇ ਸੈਂਕੜੇ ਸਿੱਖ ਪਰਿਵਾਰਾਂ ਨੂੰ ਅਜਿਹੇ ਨੋਟਿਸ ਦਿੱਤੇ ਗਏ ਹਨ ਜਿਹਨਾਂ ਵਿਚ ਕਿਹਾ ਗਿਆ ਹੈ ਕਿ ਪੁਲਿਸ ਦੀ ਜਾਣਕਾਰੀ ਵਿਚ ਆਇਆ ਹੈ ਕਿ ਪੰਜਾਬ ਤੋਂ ਆਏ ਖਾੜਕੂਆਂ ਨੂੰ ਤੁਸੀਂ ਸ਼ਰਨ ਦੇ ਰਹੇ ਹੋ ਤੇ ਉਹਨਾਂ ਦੀ ਸਹਾਇਤਾ ਕਰਦੇ ਹੋ। ਇਸ ਲਈ ਕਿਉਂ ਨਾ ਤੁਹਾਡੇ ਵਿਰੁੱਧ ਧਾਰਾ 216 ਭਾਰਤੀ ਦੰਡ ਵਿਧਾਨ ਅਤੇ 'ਟਾਡਾ' ਐਕਟ ਦੀ ਕਾਰਵਾਈ ਕੀਤੀ ਜਾਵੇ।

ਦੁਖਦਾਈ ਖ਼ਬਰ ਮਿਲੀ ਹੈ।

ਉਹਨਾਂ ਕਿਹਾ ਕਿ ਸੈਂਕੜੇ ਅਜਿਹੇ ਸਿੱਖਾਂ ਨੂੰ ਨੋਟਿਸ ਦੇ ਕੇ ਧਮਕਾਇਆ ਗਿਆ ਅਤੇ ਤੁਰੰਤ ਆਪਣਾ ਵਿਵਹਾਰ ਦਸਣ ਲਈ ਕਿਹਾ ਗਿਆ ਹੈ। ਇਹ ਬਹੁਤ ਵੱਡਾ ਵਿਤਕਰਾ ਤੇ ਧਰਮ ਦੇ ਆਧਾਰ ਤੇ ਭਾਰਤੀ ਨਾਗਰਿਕਾਂ ਵਿਚਾਲੇ ਵੰਡੀਆਂ ਪੈਦਾ ਕਰਦਾ ਹੈ। ਕਮੇਟੀ ਨੇ ਪੱਤਰ ਵਿਚ ਲਿਖਿਆ ਕਿ ਤਰਾਈ ਖੇਤਰ ਵਿਚ ਆਬਾਦ ਸਿੱਖਾਂ ਦਾ ਕੇਵਲ ਇਹ ਕਸੂਰ ਹੈ ਕਿ ਉਹ ਘੱਟ ਗਿਣਤੀ ਧਰਮ ਨਾਲ ਸਬੰਧਤ ਅਤੇ ਸਿੱਖ ਧਰਮ ਦੇ ਪੈਰੋਕਾਰ ਹਨ।

ਕਮੇਟੀ ਨੇ ਇਹ ਵੀ ਕਿਹਾ ਹੈ ਕਿ ਵਿਸ਼ਵ ਦੀ ਕਾਨੂੰਨੀ ਤਵਾਰੀਖ ਵਿਚ ਅਵੱਸ਼ ਇਹ ਪਹਿਲਾ ਕੇਸ ਹੋਵੇਗਾ ਜਿਸ ਵਿਚ ਬਿਨਾਂ ਕਿਸੇ ਸਬੂਤ ਦੇ ਅਜਿਹੇ ਸਿਧਾਂਤਾਂ ਅਨੁਸਾਰ ਪਹਿਲਾਂ ਦੋਸ਼ ਸਿੱਧ ਕੀਤੇ ਜਾਣ ਦੀ ਲੋੜ ਹੈ ਪਰ ਤਰਾਈ ਦੇ ਸਿੱਖਾਂ ਦੇ ਮਾਮਲੇ ਵਿਚ ਜਾਪਦਾ ਹੈ ਕਿ ਕਾਨੂੰਨੀ ਪ੍ਰਕ੍ਰਿਆ ਛਿੱਕੇ ਤੇ ਟੰਗੀ ਗਈ ਹੈ।

ਕਮੇਟੀ ਨੇ ਕਿਹਾ ਹੈ ਕਿ ਹਰੇਕ ਸਿੱਖ ਜਦੋਂ ਤਕ ਉਹ ਪੱਖਪਾਤੀ ਕਾਨੂੰਨ ਲਾਗੂ ਕਰਨ ਵਾਲੀ ਮਸ਼ੀਨਰੀ ਨੂੰ ਆਪਣੇ ਬੇਗੁਨਾਹ ਹੋਣ ਬਾਰੇ ਕਾਇਲ ਨਹੀਂ ਕਰ ਲੈਂਦਾ, ਦਹਿਸ਼ਤਵਾਦੀ ਸਰਗਰਮੀਆਂ ਵਾਲਾ ਸ਼ੱਕੀ ਵਿਅਕਤੀ ਹੀ ਹੈ। ਕਮੇਟੀ ਨੇ ਕਿਹਾ ਹੈ ਕਿ ਜਦੋਂ ਸਿੱਖ ਪਰਿਵਾਰਾਂ ਵਿਚ ਸਿੱਖ ਖਾੜਕੂਆਂ ਨੂੰ ਕਤਲ ਕਰਨ ਲਈ ਕਸੂਰਵਾਰ ਅਧਿਕਾਰੀਆਂ ਨੂੰ ਸਜ਼ਾ ਦੇਣ ਲਈ ਮੰਗ ਕਰ ਰਹੇ ਹਨ ਤਾਂ ਸਿੱਖਾਂ ਨੂੰ ਇਕ ਦੂਜੇ ਵੱਡੇ ਹਮਲੇ ਦਾ ਸ਼ਿਕਾਰ ਬਣਾਇਆ ਜਾ ਰਿਹਾ ਹੈ ਜਿਸ ਦਾ ਇਕੋ ਇਕ ਉਦੇਸ਼ ਸਿੱਖ ਕਿਸਾਨਾਂ ਨੂੰ ਉਸ ਖੇਤਰ ਚੋਂ ਉਜਾੜਨਾ ਹੈ ਜਿਸ ਨੂੰ ਉਹਨਾਂ ਨੇ 1947 ਤੋਂ ਬਾਅਦ ਆਪਣੇ ਖ਼ੂਨ ਪਸੀਨੇ ਦੀ ਮੇਹਨਤ ਨਾਲ ਸੋਨਾ ਉਗਲਣ ਵਾਲੀ ਧਰਤੀ ਬਣਾਇਆ ਹੈ।
